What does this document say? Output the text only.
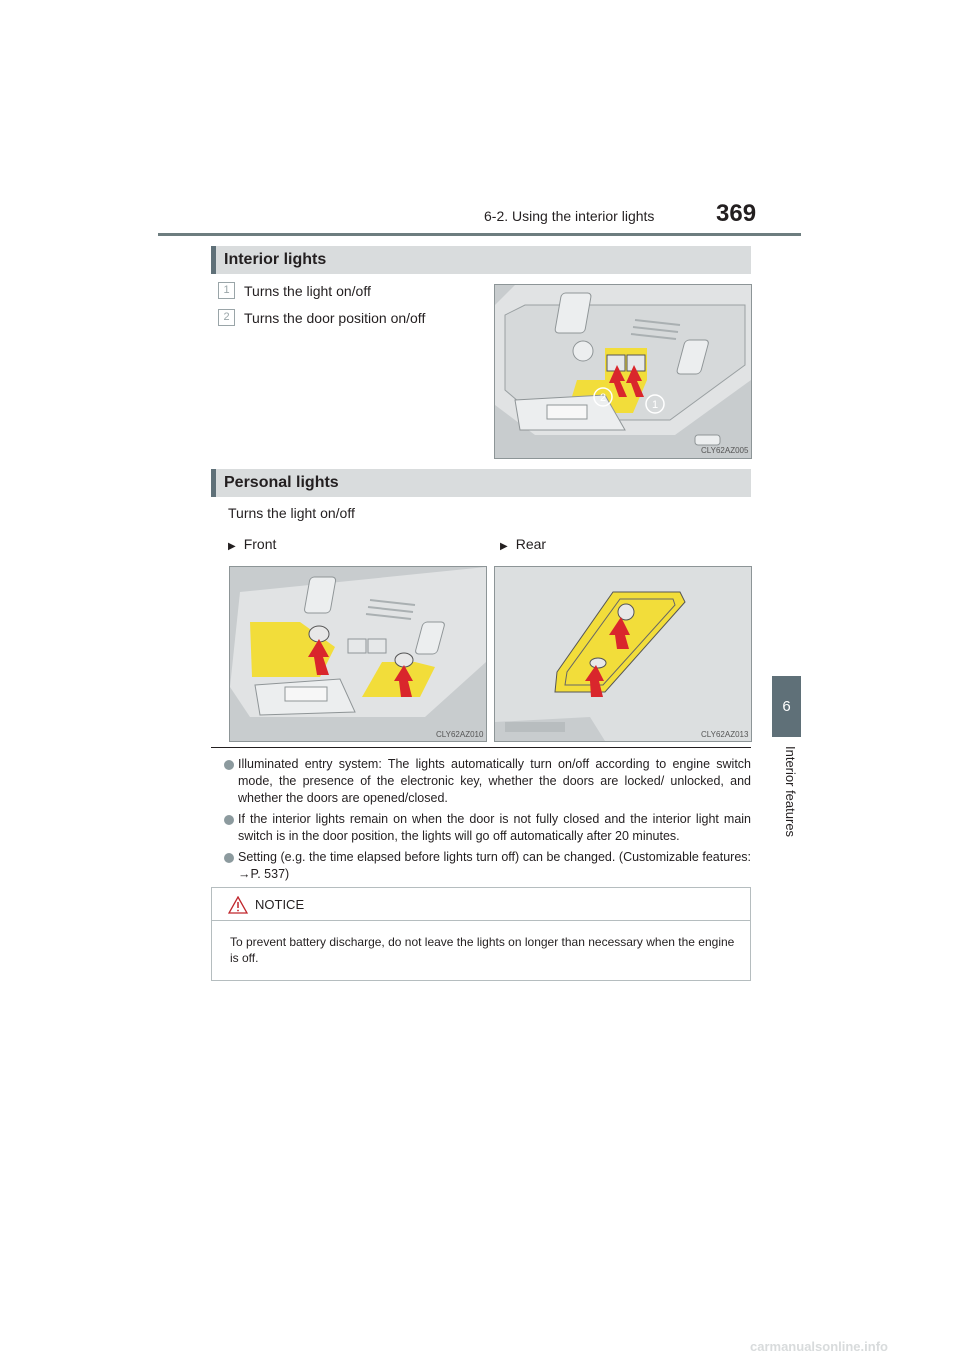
6-2. Using the interior lights	369
6
Interior features
Interior lights
1	Turns the light on/off
2	Turns the door position on/off
2
1
CLY62AZ005
Personal lights
Turns the light on/off
▶ Front	▶ Rear
CLY62AZ010	CLY62AZ013
Illuminated entry system: The lights automatically turn on/off according to engine switch mode, the presence of the electronic key, whether the doors are locked/ unlocked, and whether the doors are opened/closed.
If the interior lights remain on when the door is not fully closed and the interior light main switch is in the door position, the lights will go off automatically after 20 minutes.
Setting (e.g. the time elapsed before lights turn off) can be changed. (Customizable features: →P. 537)
NOTICE
To prevent battery discharge, do not leave the lights on longer than necessary when the engine is off.
carmanualsonline.info
